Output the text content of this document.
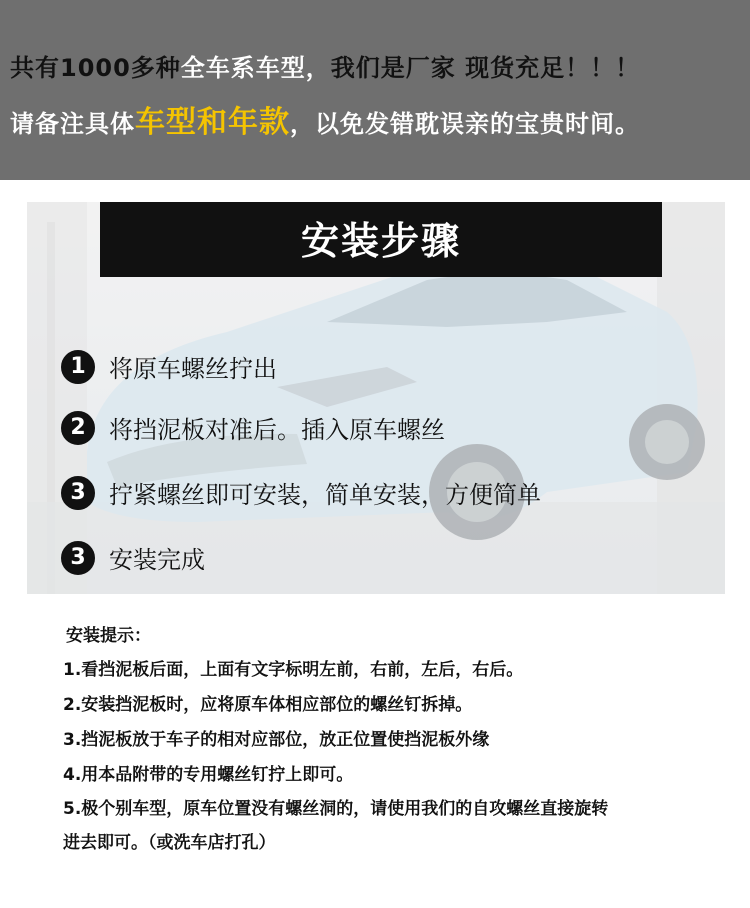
共有1000多种全车系车型，我们是厂家 现货充足！！！
请备注具体车型和年款，以免发错耽误亲的宝贵时间。
安装步骤
1 将原车螺丝拧出
2 将挡泥板对准后。插入原车螺丝
3 拧紧螺丝即可安装，简单安装，方便简单
3 安装完成
安装提示：
1.看挡泥板后面，上面有文字标明左前，右前，左后，右后。
2.安装挡泥板时，应将原车体相应部位的螺丝钉拆掉。
3.挡泥板放于车子的相对应部位，放正位置使挡泥板外缘
4.用本品附带的专用螺丝钉拧上即可。
5.极个别车型，原车位置没有螺丝洞的，请使用我们的自攻螺丝直接旋转
进去即可。（或洗车店打孔）
